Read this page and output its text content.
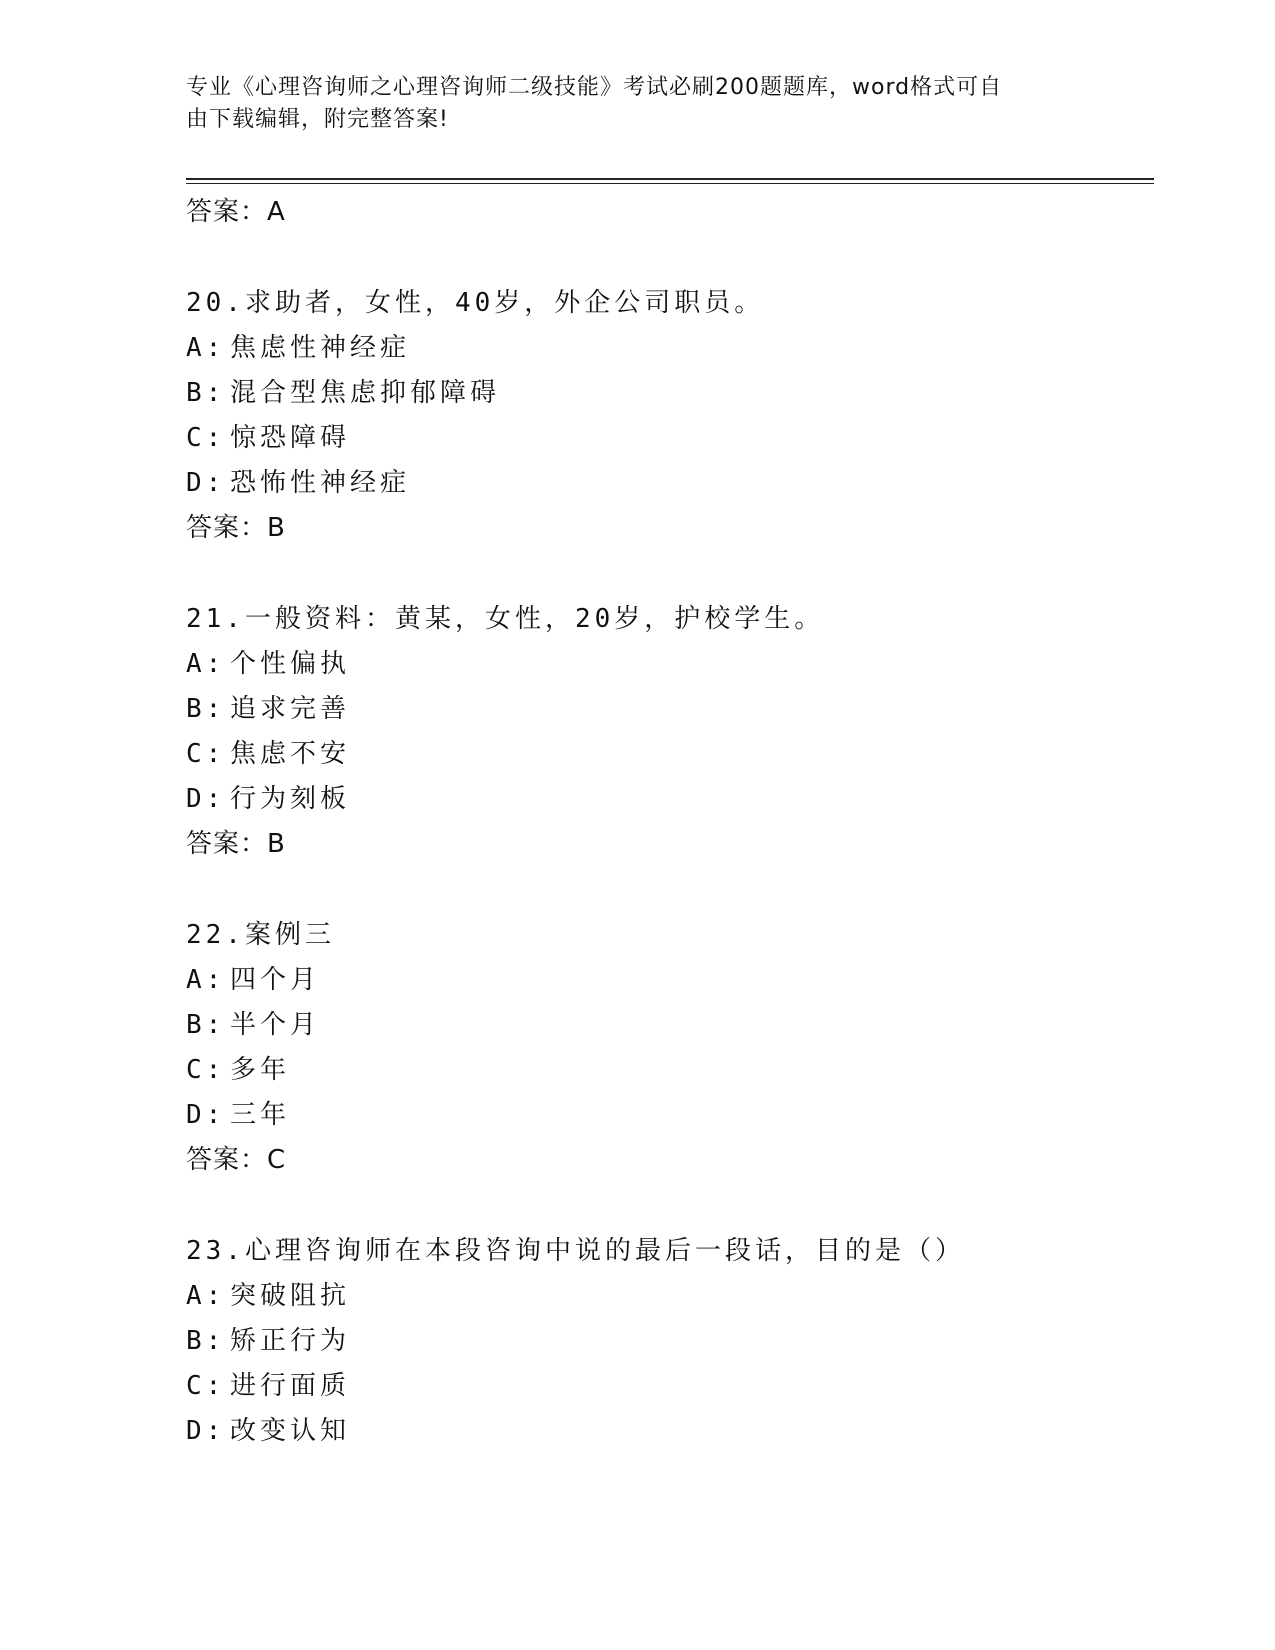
专业《心理咨询师之心理咨询师二级技能》考试必刷200题题库，word格式可自
由下载编辑，附完整答案!
答案：A
20.求助者，女性，40岁，外企公司职员。
A: 焦虑性神经症
B: 混合型焦虑抑郁障碍
C: 惊恐障碍
D: 恐怖性神经症
答案：B
21.一般资料：黄某，女性，20岁，护校学生。
A: 个性偏执
B: 追求完善
C: 焦虑不安
D: 行为刻板
答案：B
22.案例三
A: 四个月
B: 半个月
C: 多年
D: 三年
答案：C
23.心理咨询师在本段咨询中说的最后一段话，目的是（）
A: 突破阻抗
B: 矫正行为
C: 进行面质
D: 改变认知
